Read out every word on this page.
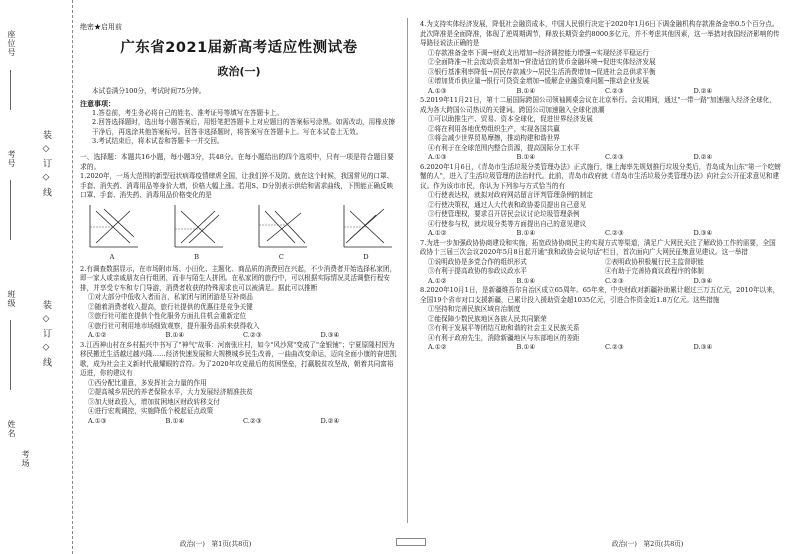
座位号
考号
班级
姓名
考场
装 ◇ 订 ◇ 线
装 ◇ 订 ◇ 线
绝密★启用前
广东省2021届新高考适应性测试卷
政治(一)
本试卷满分100分，考试时间75分钟。
注意事项：
1.答卷前，考生务必将自己的姓名、准考证号等填写在答题卡上。
2.回答选择题时，选出每小题答案后，用铅笔把答题卡上对应题目的答案标号涂黑。如需改动，用橡皮擦干净后，再选涂其他答案标号。回答非选择题时，将答案写在答题卡上。写在本试卷上无效。
3.考试结束后，将本试卷和答题卡一并交回。
一、选择题：本题共16小题，每小题3分，共48分。在每小题给出的四个选项中，只有一项是符合题目要求的。
1.2020年，一场大范围的新型冠状病毒疫情肆虐全国，让我们猝不及防。就在这个时候，我国常见的口罩、手套、消失药、消毒用品等身价大增，价格大幅上涨。若用S、D分别表示供给和需求曲线，下图能正确反映口罩、手套、消失药、消毒用品价格变化的是
A	B	C	D
2.有调查数据显示，在市场附市场、小田化、主题化、商品质的消费回在兴起，不少消费者开始选择私家团，即一家人或亲戚朋友自行组团，而非与陌生人拼团。在私家团的旅行中，可以根据实际情况灵活调整行程安排，并享受专车和专门导游，消费者收获的特殊需求也可以被满足。据此可以推断
①对大部分中低收入者而言，私家团与团团游是互补商品
②随着消费者收入提高，旅行社提供的优惠往是竞争关键
③旅行社可能在提供个性化服务方面扎住机会重新定位
④旅行社可利用地市场细致观察，提升服务品质来获得收入
A.①②	B.①④	C.②③	D.③④
3.江西神山村在乡村振兴中书写了"神气"故事：河南张庄村，如今"风沙窝"变成了"金银铺"；宁夏原隆村因为移民搬迁生活越过越兴隆……经济快速发展和大规模城乡民生改善，一曲曲改变命运，迈向全面小康的奋进凯歌，成为社会主义新时代最耀眼的音符。为了2020年攻克最后的贫困堡垒，打赢脱贫攻坚战，朝着共同富裕迈进，你的建议有
①西分配比重意，多发挥社会力量的作用
②提高城乡居民的养老保险水平，大力发展经济精准扶贫
③加大财政投入，增加贫困地区财政转移支付
④进行宏观调控，实施降低个税起征点政策
A.①③	B.①④	C.②③	D.②④
4.为支持实体经济发展，降低社会融资成本，中国人民银行决定于2020年1月6日下调金融机构存款准备金率0.5个百分点。此次降准是全面降准，体现了逆周期调节，释放长期资金约8000多亿元，并不考虑其他因素，这一举措对我国经济影响的传导路径说法正确的是
①存款准备金率下调→财政支出增加→经济调控能力增强→实现经济平稳运行
②全面降准→社会流动资金增加→营造适宜的货币金融环境→促进实体经济发展
③银行基准利率降低→居民存款减少→居民生活消费增加→促进社会总供求平衡
④增加货币供应量→银行可贷资金增加→缓解企业融资难问题→推动企业发展
A.①③	B.①④	C.②③	D.②④
5.2019年11月21日，第十二届国际跨国公司领袖圆桌会议在北京举行。会议期间，通过"一带一路"加速融入经济全球化，成为各大跨国公司热议的关键词。跨国公司加速融入全球化浪潮
①可以助推生产、贸易、资本全球化，促进世界经济发展
②将在利用各地优势组织生产，实现各国共赢
③将会减少世界贸易摩擦，推动构建和谐世界
④有利于在全球范围内整合资源，提高国际分工水平
A.①③	B.①④	C.②③	D.②④
6.2020年1月6日，《青岛市生活垃圾分类管理办法》正式施行，继上海率先规划推行垃圾分类后，青岛成为山东"第一个吃螃蟹的人"，进入了生活垃圾管理的法治时代。此前，青岛市政府就《青岛市生活垃圾分类管理办法》向社会公开征求意见和建议。作为该市市民，你认为下列参与方式恰当的有
①行使表达权，就拟对政府网站留言评判管理条例的制定
②行使决策权，通过人大代表和政协委员提出自己意见
③行使管理权，要求召开居民会议讨论垃圾管理条例
④行使参与权，就垃圾分类等方面提出自己的意见建议
A.①②	B.①④	C.②③	D.③④
7.为进一步加强政协协商建设和实施，拓宽政协协商民主的实现方式等渠道，满足广大网民关注了解政协工作的需要，全国政协十三届三次会议2020年5月8日起开通"我和政协会说句话"栏目，首次面向广大网民征集意见建议。这一举措
①说明政协是多党合作的组织形式	②表明政协积极履行民主监督职能
③有利于提高政协的参政议政水平	④有助于完善协商议政程序的体制
A.①②	B.①④	C.②③	D.③④
8.2020年10月1日，是新疆维吾尔自治区成立65周年。65年来，中央财政对新疆补助累计超过三万五亿元，2010年以来，全国19个省市对口支援新疆，已累计投入援助资金超1035亿元，引进合作资金近1.8万亿元。这些措施
①坚持和完善民族区域自治制度
②能保障少数民族地区各族人民共同繁荣
③有利于发展平等团结互助和谐的社会主义民族关系
④有利于政府先生，消除新疆地区与东部地区的差距
A.①②	B.①④	C.②③	D.③④
政治(一)　第1页(共8页)	政治(一)　第2页(共8页)
